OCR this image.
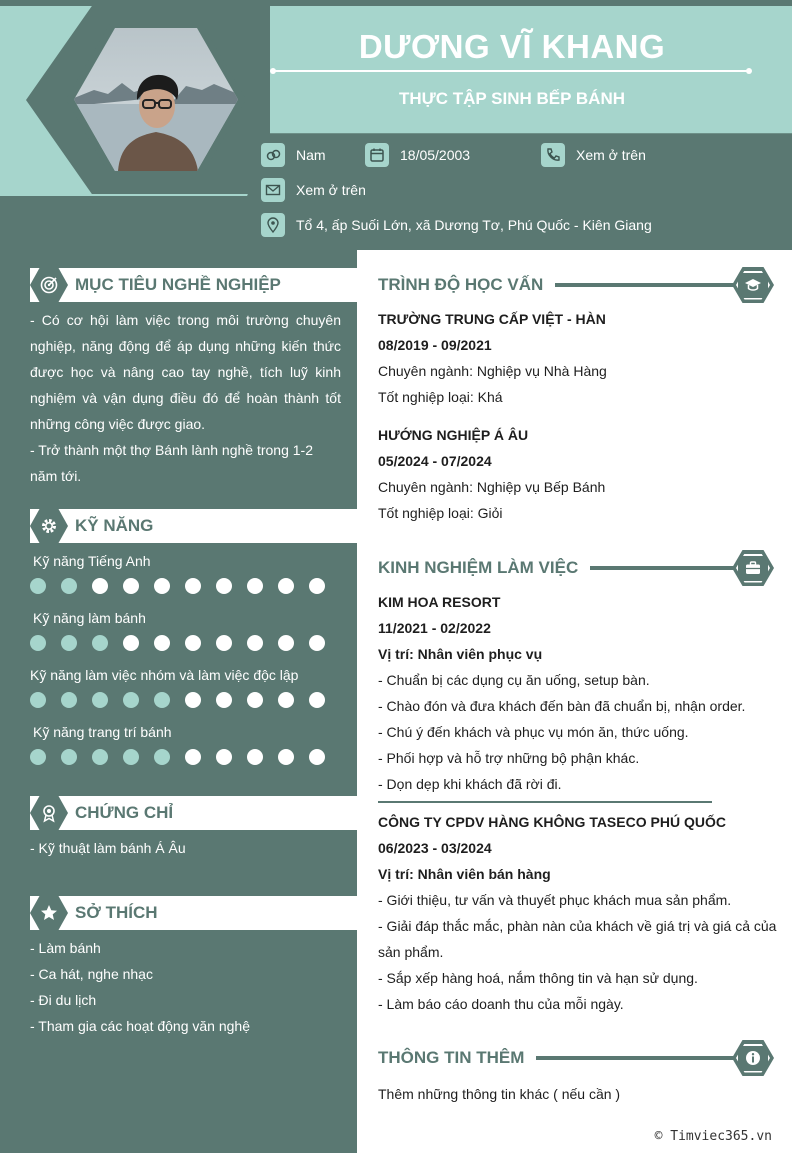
DƯƠNG VĨ KHANG
THỰC TẬP SINH BẾP BÁNH
Nam	18/05/2003	Xem ở trên
Xem ở trên
Tổ 4, ấp Suối Lớn, xã Dương Tơ, Phú Quốc - Kiên Giang
MỤC TIÊU NGHỀ NGHIỆP
- Có cơ hội làm việc trong môi trường chuyên nghiệp, năng động để áp dụng những kiến thức được học và nâng cao tay nghề, tích luỹ kinh nghiệm và vận dụng điều đó để hoàn thành tốt những công việc được giao.
- Trở thành một thợ Bánh lành nghề trong 1-2 năm tới.
KỸ NĂNG
Kỹ năng Tiếng Anh
Kỹ năng làm bánh
Kỹ năng làm việc nhóm và làm việc độc lập
Kỹ năng trang trí bánh
CHỨNG CHỈ
- Kỹ thuật làm bánh Á Âu
SỞ THÍCH
- Làm bánh
- Ca hát, nghe nhạc
- Đi du lịch
- Tham gia các hoạt động văn nghệ
TRÌNH ĐỘ HỌC VẤN
TRƯỜNG TRUNG CẤP VIỆT - HÀN
08/2019 - 09/2021
Chuyên ngành: Nghiệp vụ Nhà Hàng
Tốt nghiệp loại: Khá
HƯỚNG NGHIỆP Á ÂU
05/2024 - 07/2024
Chuyên ngành: Nghiệp vụ Bếp Bánh
Tốt nghiệp loại: Giỏi
KINH NGHIỆM LÀM VIỆC
KIM HOA RESORT
11/2021 - 02/2022
Vị trí: Nhân viên phục vụ
- Chuẩn bị các dụng cụ ăn uống, setup bàn.
- Chào đón và đưa khách đến bàn đã chuẩn bị, nhận order.
- Chú ý đến khách và phục vụ món ăn, thức uống.
- Phối hợp và hỗ trợ những bộ phận khác.
- Dọn dẹp khi khách đã rời đi.
CÔNG TY CPDV HÀNG KHÔNG TASECO PHÚ QUỐC
06/2023 - 03/2024
Vị trí: Nhân viên bán hàng
- Giới thiệu, tư vấn và thuyết phục khách mua sản phẩm.
- Giải đáp thắc mắc, phàn nàn của khách về giá trị và giá cả của sản phẩm.
- Sắp xếp hàng hoá, nắm thông tin và hạn sử dụng.
- Làm báo cáo doanh thu của mỗi ngày.
THÔNG TIN THÊM
Thêm những thông tin khác ( nếu cần )
© Timviec365.vn
